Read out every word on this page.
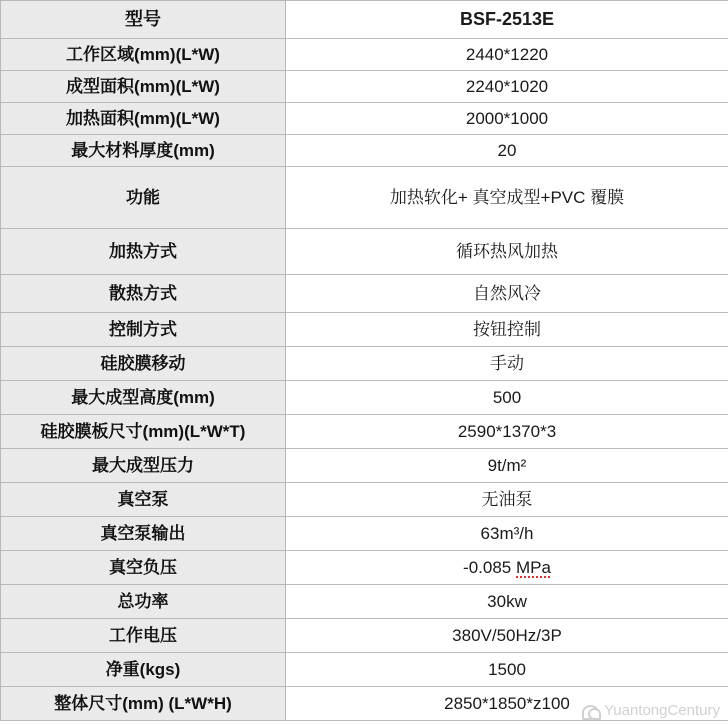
型号	BSF-2513E
工作区域(mm)(L*W)	2440*1220
成型面积(mm)(L*W)	2240*1020
加热面积(mm)(L*W)	2000*1000
最大材料厚度(mm)	20
功能	加热软化+ 真空成型+PVC 覆膜
加热方式	循环热风加热
散热方式	自然风冷
控制方式	按钮控制
硅胶膜移动	手动
最大成型高度(mm)	500
硅胶膜板尺寸(mm)(L*W*T)	2590*1370*3
最大成型压力	9t/m²
真空泵	无油泵
真空泵输出	63m³/h
真空负压	-0.085 MPa
总功率	30kw
工作电压	380V/50Hz/3P
净重(kgs)	1500
整体尺寸(mm) (L*W*H)	2850*1850*z100 YuantongCentury
